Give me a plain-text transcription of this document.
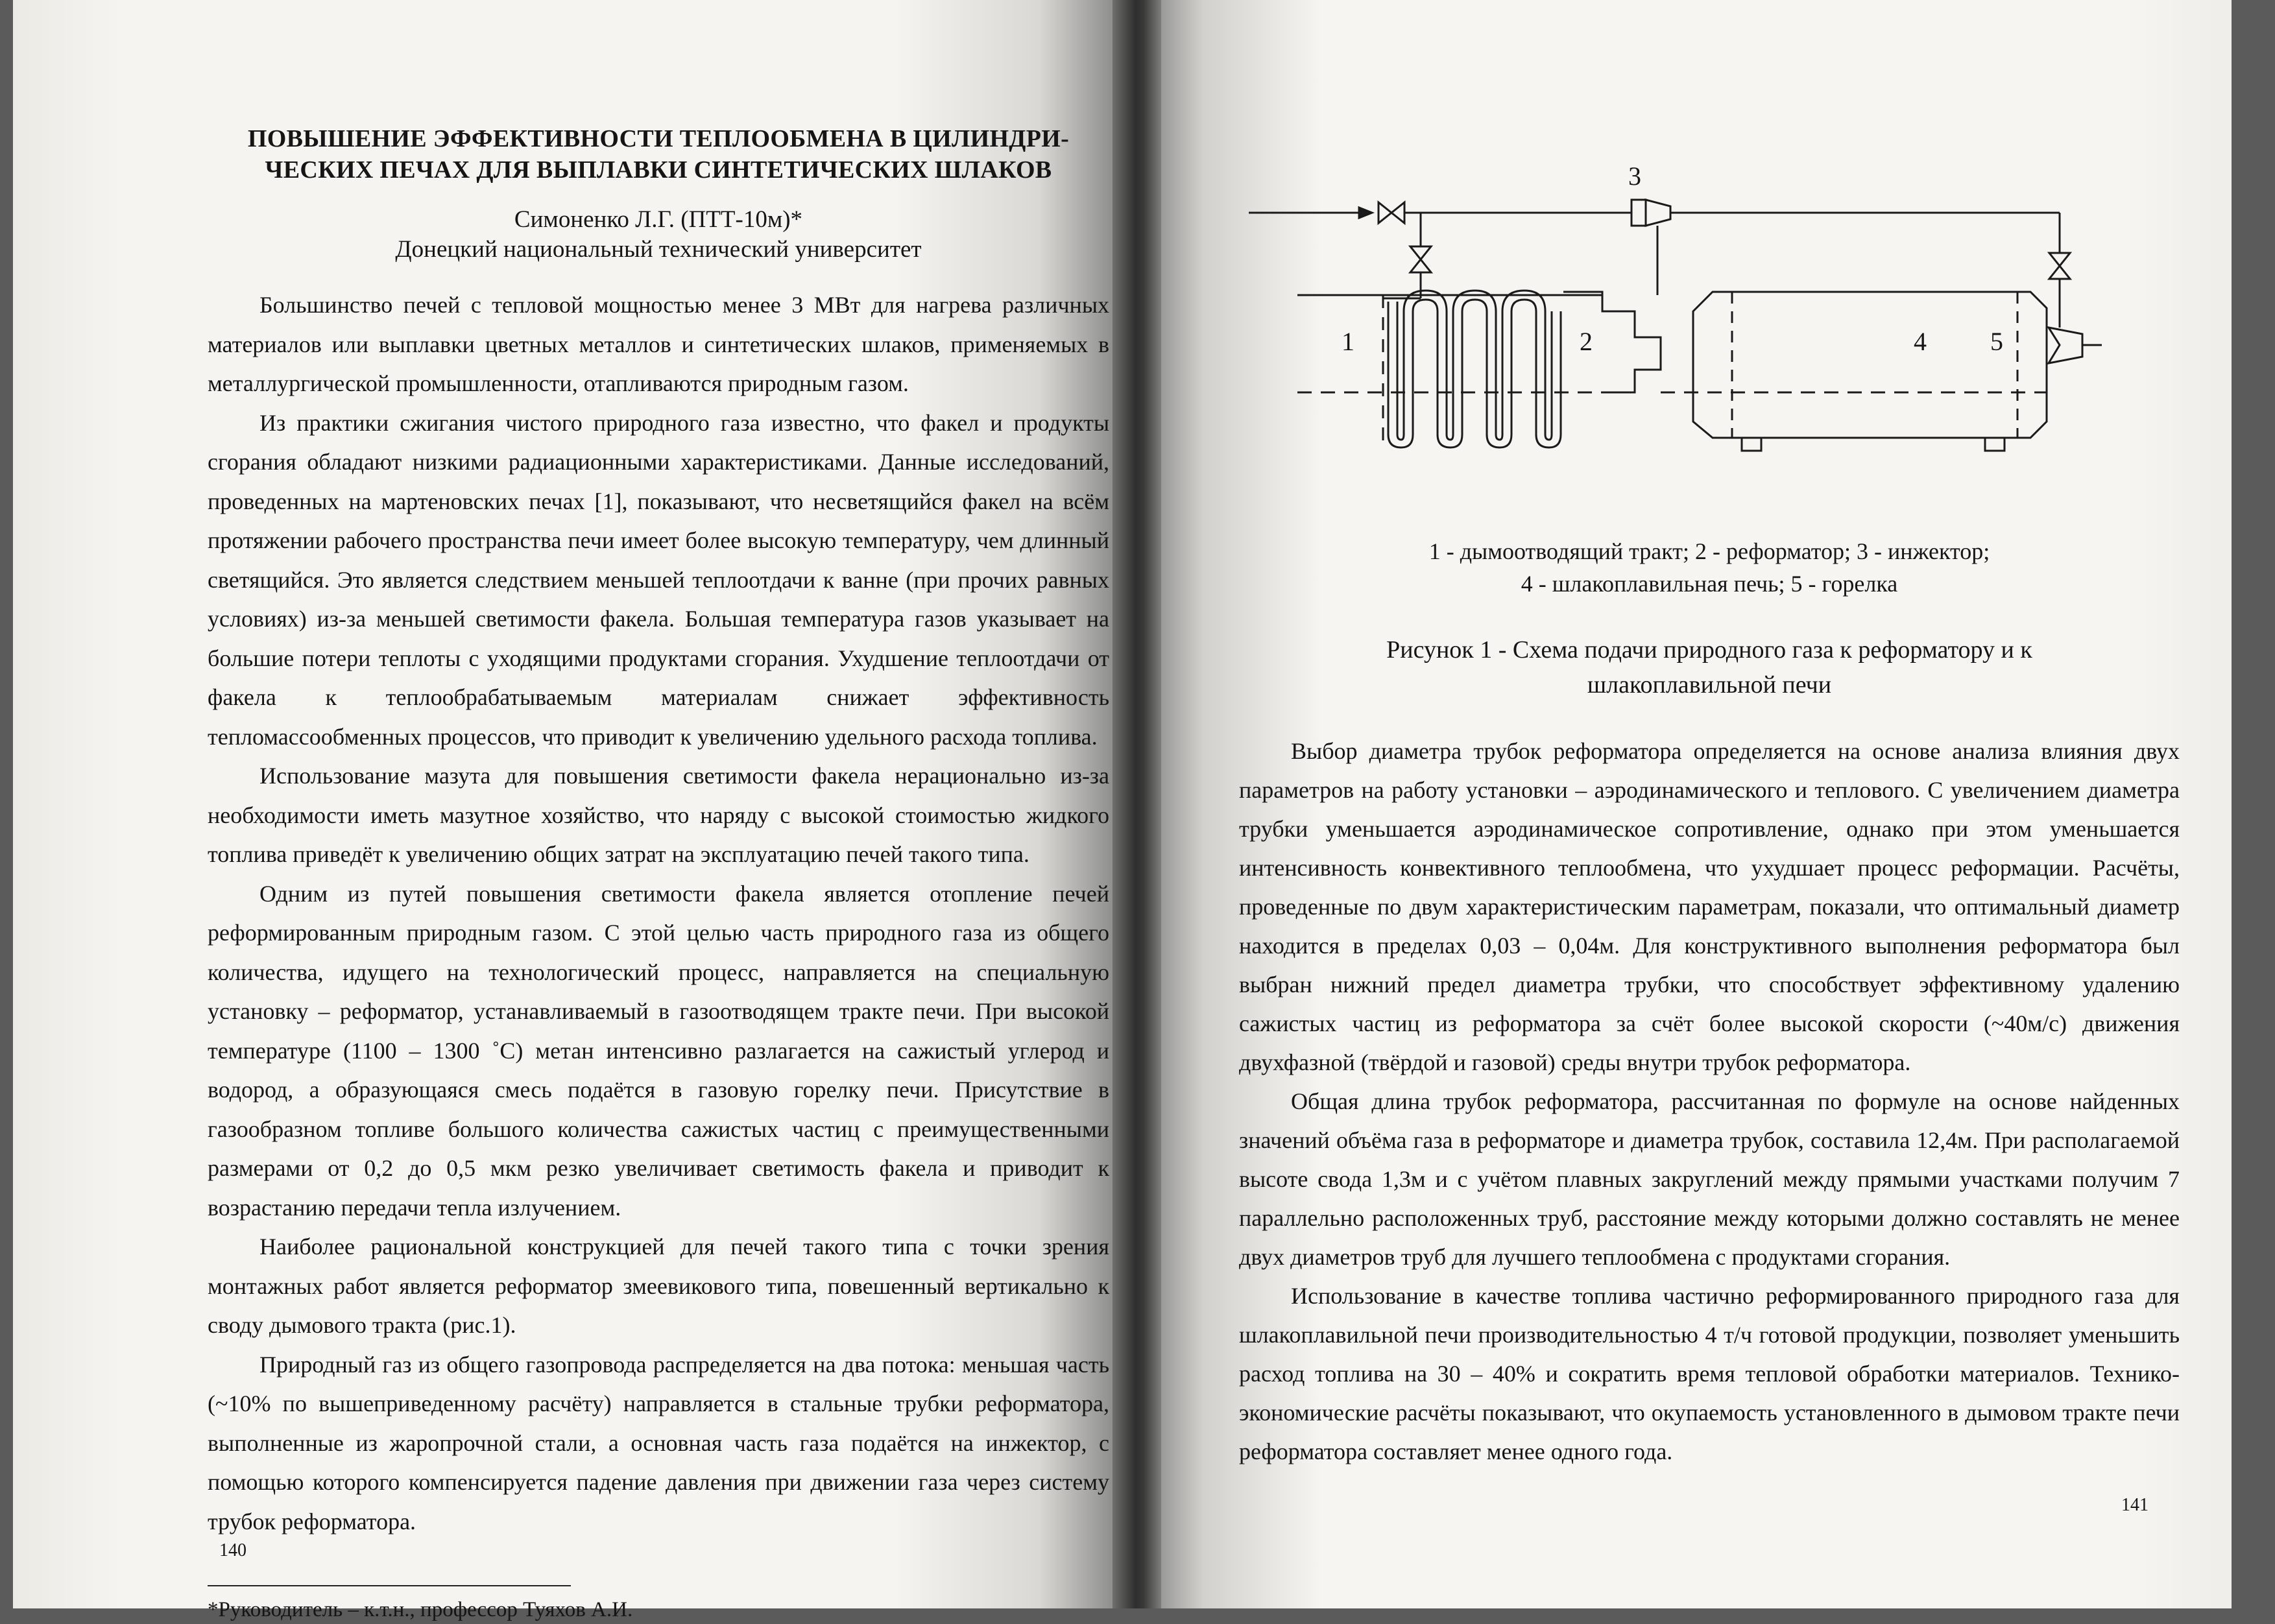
ПОВЫШЕНИЕ ЭФФЕКТИВНОСТИ ТЕПЛООБМЕНА В ЦИЛИНДРИ-
ЧЕСКИХ ПЕЧАХ ДЛЯ ВЫПЛАВКИ СИНТЕТИЧЕСКИХ ШЛАКОВ

Симоненко Л.Г. (ПТТ-10м)*

Донецкий национальный технический университет

Большинство печей с тепловой мощностью менее 3 МВт для нагрева различных материалов или выплавки цветных металлов и синтетических шлаков, применяемых в металлургической промышленности, отапливаются природным газом.

Из практики сжигания чистого природного газа известно, что факел и продукты сгорания обладают низкими радиационными характеристиками. Данные исследований, проведенных на мартеновских печах [1], показывают, что несветящийся факел на всём протяжении рабочего пространства печи имеет более высокую температуру, чем длинный светящийся. Это является следствием меньшей теплоотдачи к ванне (при прочих равных условиях) из-за меньшей светимости факела. Большая температура газов указывает на большие потери теплоты с уходящими продуктами сгорания. Ухудшение теплоотдачи от факела к теплообрабатываемым материалам снижает эффективность тепломассообменных процессов, что приводит к увеличению удельного расхода топлива.

Использование мазута для повышения светимости факела нерационально из-за необходимости иметь мазутное хозяйство, что наряду с высокой стоимостью жидкого топлива приведёт к увеличению общих затрат на эксплуатацию печей такого типа.

Одним из путей повышения светимости факела является отопление печей реформированным природным газом. С этой целью часть природного газа из общего количества, идущего на технологический процесс, направляется на специальную установку – реформатор, устанавливаемый в газоотводящем тракте печи. При высокой температуре (1100 – 1300 ˚С) метан интенсивно разлагается на сажистый углерод и водород, а образующаяся смесь подаётся в газовую горелку печи. Присутствие в газообразном топливе большого количества сажистых частиц с преимущественными размерами от 0,2 до 0,5 мкм резко увеличивает светимость факела и приводит к возрастанию передачи тепла излучением.

Наиболее рациональной конструкцией для печей такого типа с точки зрения монтажных работ является реформатор змеевикового типа, повешенный вертикально к своду дымового тракта (рис.1).

Природный газ из общего газопровода распределяется на два потока: меньшая часть (~10% по вышеприведенному расчёту) направляется в стальные трубки реформатора, выполненные из жаропрочной стали, а основная часть газа подаётся на инжектор, с помощью которого компенсируется падение давления при движении газа через систему трубок реформатора.

*Руководитель – к.т.н., профессор Туяхов А.И.

140
1	2
3
4 5
1 - дымоотводящий тракт; 2 - реформатор; 3 - инжектор;
4 - шлакоплавильная печь; 5 - горелка
Рисунок 1 - Схема подачи природного газа к реформатору и к
шлакоплавильной печи

Выбор диаметра трубок реформатора определяется на основе анализа влияния двух параметров на работу установки – аэродинамического и теплового. С увеличением диаметра трубки уменьшается аэродинамическое сопротивление, однако при этом уменьшается интенсивность конвективного теплообмена, что ухудшает процесс реформации. Расчёты, проведенные по двум характеристическим параметрам, показали, что оптимальный диаметр находится в пределах 0,03 – 0,04м. Для конструктивного выполнения реформатора был выбран нижний предел диаметра трубки, что способствует эффективному удалению сажистых частиц из реформатора за счёт более высокой скорости (~40м/с) движения двухфазной (твёрдой и газовой) среды внутри трубок реформатора.

Общая длина трубок реформатора, рассчитанная по формуле на основе найденных значений объёма газа в реформаторе и диаметра трубок, составила 12,4м. При располагаемой высоте свода 1,3м и с учётом плавных закруглений между прямыми участками получим 7 параллельно расположенных труб, расстояние между которыми должно составлять не менее двух диаметров труб для лучшего теплообмена с продуктами сгорания.

Использование в качестве топлива частично реформированного природного газа для шлакоплавильной печи производительностью 4 т/ч готовой продукции, позволяет уменьшить расход топлива на 30 – 40% и сократить время тепловой обработки материалов. Технико-экономические расчёты показывают, что окупаемость установленного в дымовом тракте печи реформатора составляет менее одного года.

141
